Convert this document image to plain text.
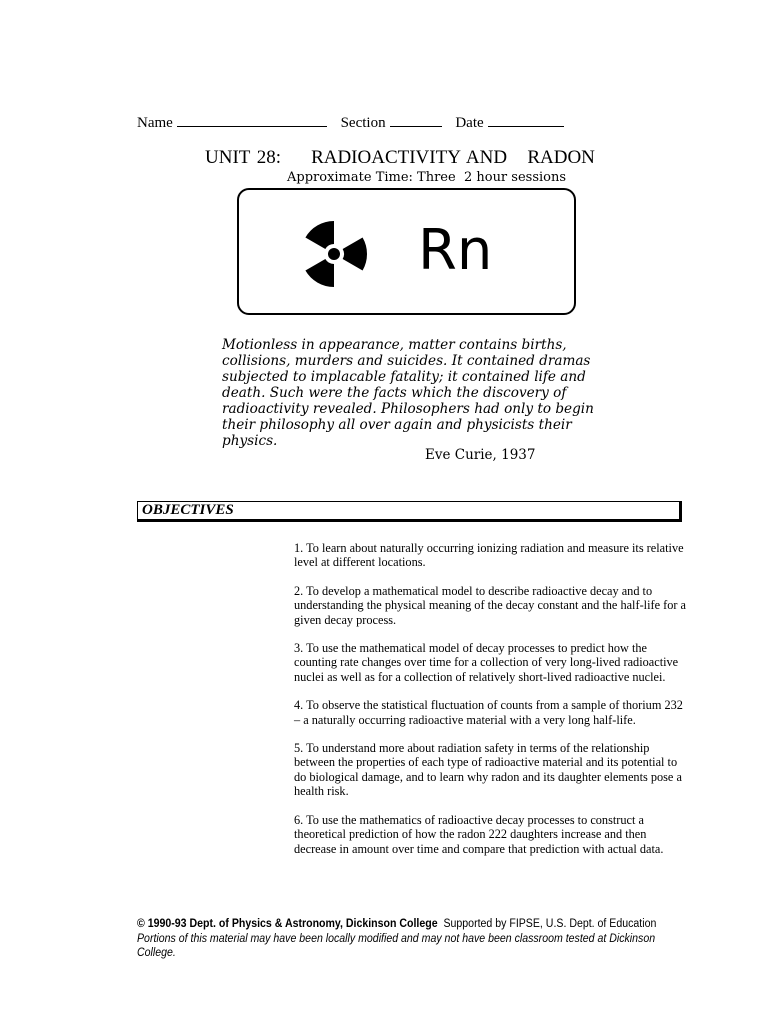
Name	Section	Date
UNIT 28: RADIOACTIVITY AND   RADON
Approximate Time: Three  2 hour sessions
Rn

Motionless in appearance, matter contains births, collisions, murders and suicides. It contained dramas subjected to implacable fatality; it contained life and death. Such were the facts which the discovery of radioactivity revealed. Philosophers had only to begin their philosophy all over again and physicists their physics.

Eve Curie, 1937
OBJECTIVES
1. To learn about naturally occurring ionizing radiation and measure its relative level at different locations.
2. To develop a mathematical model to describe radioactive decay and to understanding the physical meaning of the decay constant and the half-life for a given decay process.
3. To use the mathematical model of decay processes to predict how the counting rate changes over time for a collection of very long-lived radioactive nuclei as well as for a collection of relatively short-lived radioactive nuclei.
4. To observe the statistical fluctuation of counts from a sample of thorium 232 – a naturally occurring radioactive material with a very long half-life.
5. To understand more about radiation safety in terms of the relationship between the properties of each type of radioactive material and its potential to do biological damage, and to learn why radon and its daughter elements pose a health risk.
6. To use the mathematics of radioactive decay processes to construct a theoretical prediction of how the radon 222 daughters increase and then decrease in amount over time and compare that prediction with actual data.
© 1990-93 Dept. of Physics & Astronomy, Dickinson College Supported by FIPSE, U.S. Dept. of Education
Portions of this material may have been locally modified and may not have been classroom tested at Dickinson College.
